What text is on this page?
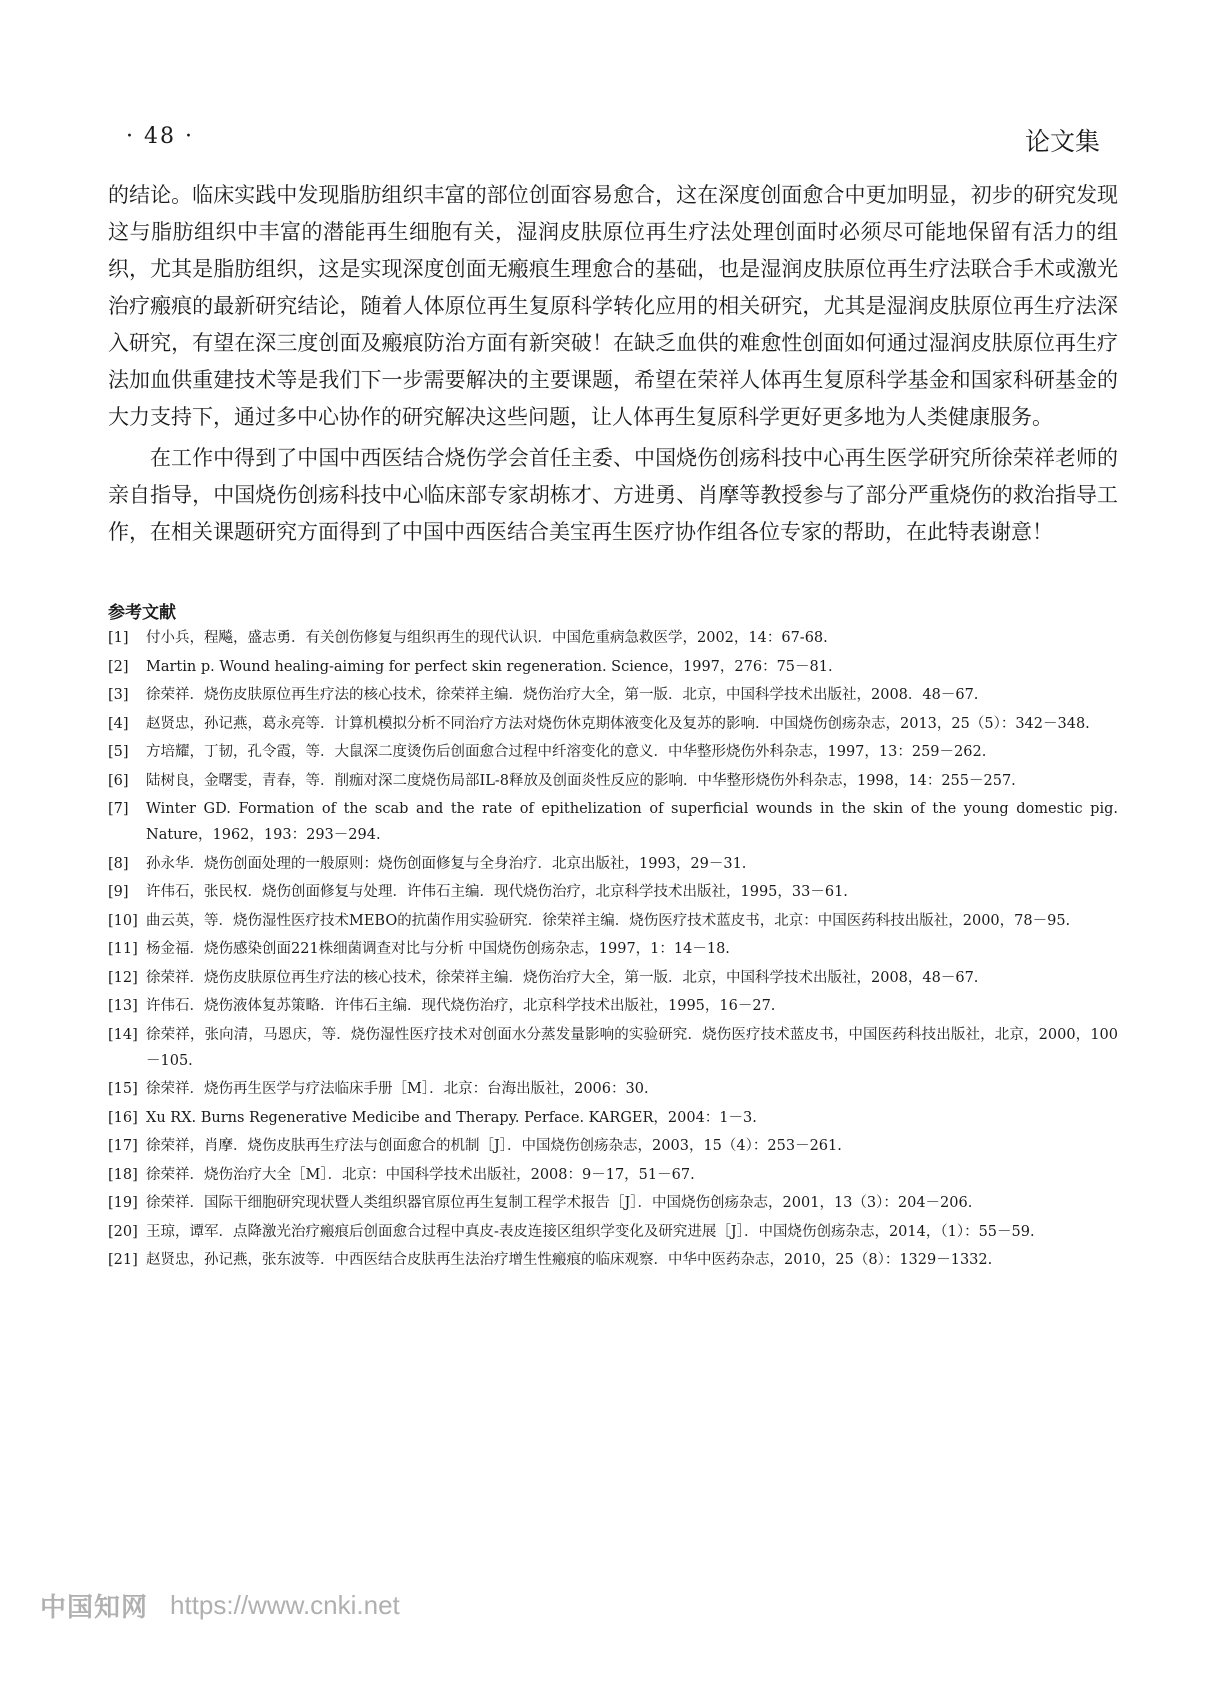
· 48 ·	论文集

的结论。临床实践中发现脂肪组织丰富的部位创面容易愈合，这在深度创面愈合中更加明显，初步的研究发现这与脂肪组织中丰富的潜能再生细胞有关，湿润皮肤原位再生疗法处理创面时必须尽可能地保留有活力的组织，尤其是脂肪组织，这是实现深度创面无瘢痕生理愈合的基础，也是湿润皮肤原位再生疗法联合手术或激光治疗瘢痕的最新研究结论，随着人体原位再生复原科学转化应用的相关研究，尤其是湿润皮肤原位再生疗法深入研究，有望在深三度创面及瘢痕防治方面有新突破！在缺乏血供的难愈性创面如何通过湿润皮肤原位再生疗法加血供重建技术等是我们下一步需要解决的主要课题，希望在荣祥人体再生复原科学基金和国家科研基金的大力支持下，通过多中心协作的研究解决这些问题，让人体再生复原科学更好更多地为人类健康服务。

在工作中得到了中国中西医结合烧伤学会首任主委、中国烧伤创疡科技中心再生医学研究所徐荣祥老师的亲自指导，中国烧伤创疡科技中心临床部专家胡栋才、方进勇、肖摩等教授参与了部分严重烧伤的救治指导工作，在相关课题研究方面得到了中国中西医结合美宝再生医疗协作组各位专家的帮助，在此特表谢意！

参考文献
[1]	付小兵，程飚，盛志勇．有关创伤修复与组织再生的现代认识．中国危重病急救医学，2002，14：67-68.
[2]	Martin p. Wound healing-aiming for perfect skin regeneration. Science，1997，276：75－81.
[3]	徐荣祥．烧伤皮肤原位再生疗法的核心技术，徐荣祥主编．烧伤治疗大全，第一版．北京，中国科学技术出版社，2008．48－67.
[4]	赵贤忠，孙记燕，葛永亮等．计算机模拟分析不同治疗方法对烧伤休克期体液变化及复苏的影响．中国烧伤创疡杂志，2013，25（5）：342－348.
[5]	方培耀，丁韧，孔令霞，等．大鼠深二度烫伤后创面愈合过程中纤溶变化的意义．中华整形烧伤外科杂志，1997，13：259－262.
[6]	陆树良，金曙雯，青春，等．削痂对深二度烧伤局部IL-8释放及创面炎性反应的影响．中华整形烧伤外科杂志，1998，14：255－257.
[7]	Winter GD. Formation of the scab and the rate of epithelization of superficial wounds in the skin of the young domestic pig. Nature，1962，193：293－294.
[8]	孙永华．烧伤创面处理的一般原则：烧伤创面修复与全身治疗．北京出版社，1993，29－31.
[9]	许伟石，张民权．烧伤创面修复与处理．许伟石主编．现代烧伤治疗，北京科学技术出版社，1995，33－61.
[10] 曲云英，等．烧伤湿性医疗技术MEBO的抗菌作用实验研究．徐荣祥主编．烧伤医疗技术蓝皮书，北京：中国医药科技出版社，2000，78－95.
[11] 杨金福．烧伤感染创面221株细菌调查对比与分析 中国烧伤创疡杂志，1997，1：14－18.
[12] 徐荣祥．烧伤皮肤原位再生疗法的核心技术，徐荣祥主编．烧伤治疗大全，第一版．北京，中国科学技术出版社，2008，48－67.
[13] 许伟石．烧伤液体复苏策略．许伟石主编．现代烧伤治疗，北京科学技术出版社，1995，16－27.
[14] 徐荣祥，张向清，马恩庆，等．烧伤湿性医疗技术对创面水分蒸发量影响的实验研究．烧伤医疗技术蓝皮书，中国医药科技出版社，北京，2000，100－105.
[15] 徐荣祥．烧伤再生医学与疗法临床手册［M］．北京：台海出版社，2006：30.
[16] Xu RX. Burns Regenerative Medicibe and Therapy. Perface. KARGER，2004：1－3.
[17] 徐荣祥，肖摩．烧伤皮肤再生疗法与创面愈合的机制［J］．中国烧伤创疡杂志，2003，15（4）：253－261.
[18] 徐荣祥．烧伤治疗大全［M］．北京：中国科学技术出版社，2008：9－17，51－67.
[19] 徐荣祥．国际干细胞研究现状暨人类组织器官原位再生复制工程学术报告［J］．中国烧伤创疡杂志，2001，13（3）：204－206.
[20] 王琼，谭军．点降激光治疗瘢痕后创面愈合过程中真皮-表皮连接区组织学变化及研究进展［J］．中国烧伤创疡杂志，2014，（1）：55－59.
[21] 赵贤忠，孙记燕，张东波等．中西医结合皮肤再生法治疗增生性瘢痕的临床观察．中华中医药杂志，2010，25（8）：1329－1332.
中国知网 https://www.cnki.net
